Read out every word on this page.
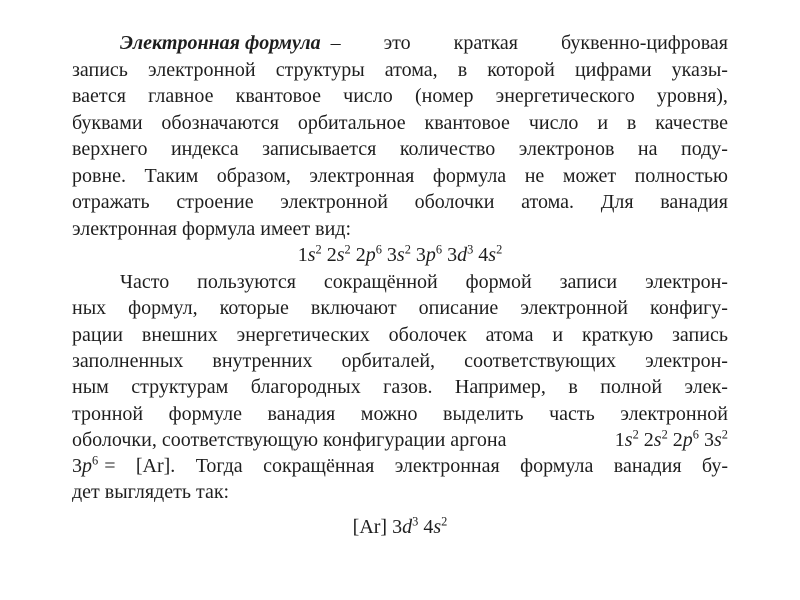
Электронная формула – это краткая буквенно-цифровая
запись электронной структуры атома, в которой цифрами указы-
вается главное квантовое число (номер энергетического уровня),
буквами обозначаются орбитальное квантовое число и в качестве
верхнего индекса записывается количество электронов на поду-
ровне. Таким образом, электронная формула не может полностью
отражать строение электронной оболочки атома. Для ванадия
электронная формула имеет вид:
$1s^2$ $2s^2$ $2p^6$ $3s^2$ $3p^6$ $3d^3$ $4s^2$
Часто пользуются сокращённой формой записи электрон-
ных формул, которые включают описание электронной конфигу-
рации внешних энергетических оболочек атома и краткую запись
заполненных внутренних орбиталей, соответствующих электрон-
ным структурам благородных газов. Например, в полной элек-
тронной формуле ванадия можно выделить часть электронной
оболочки, соответствующую конфигурации аргона	$1s^2$ $2s^2$ $2p^6$ $3s^2$
$3p^6 = [Ar]$. Тогда сокращённая электронная формула ванадия бу-
дет выглядеть так:
[Ar] $3d^3$ $4s^2$
